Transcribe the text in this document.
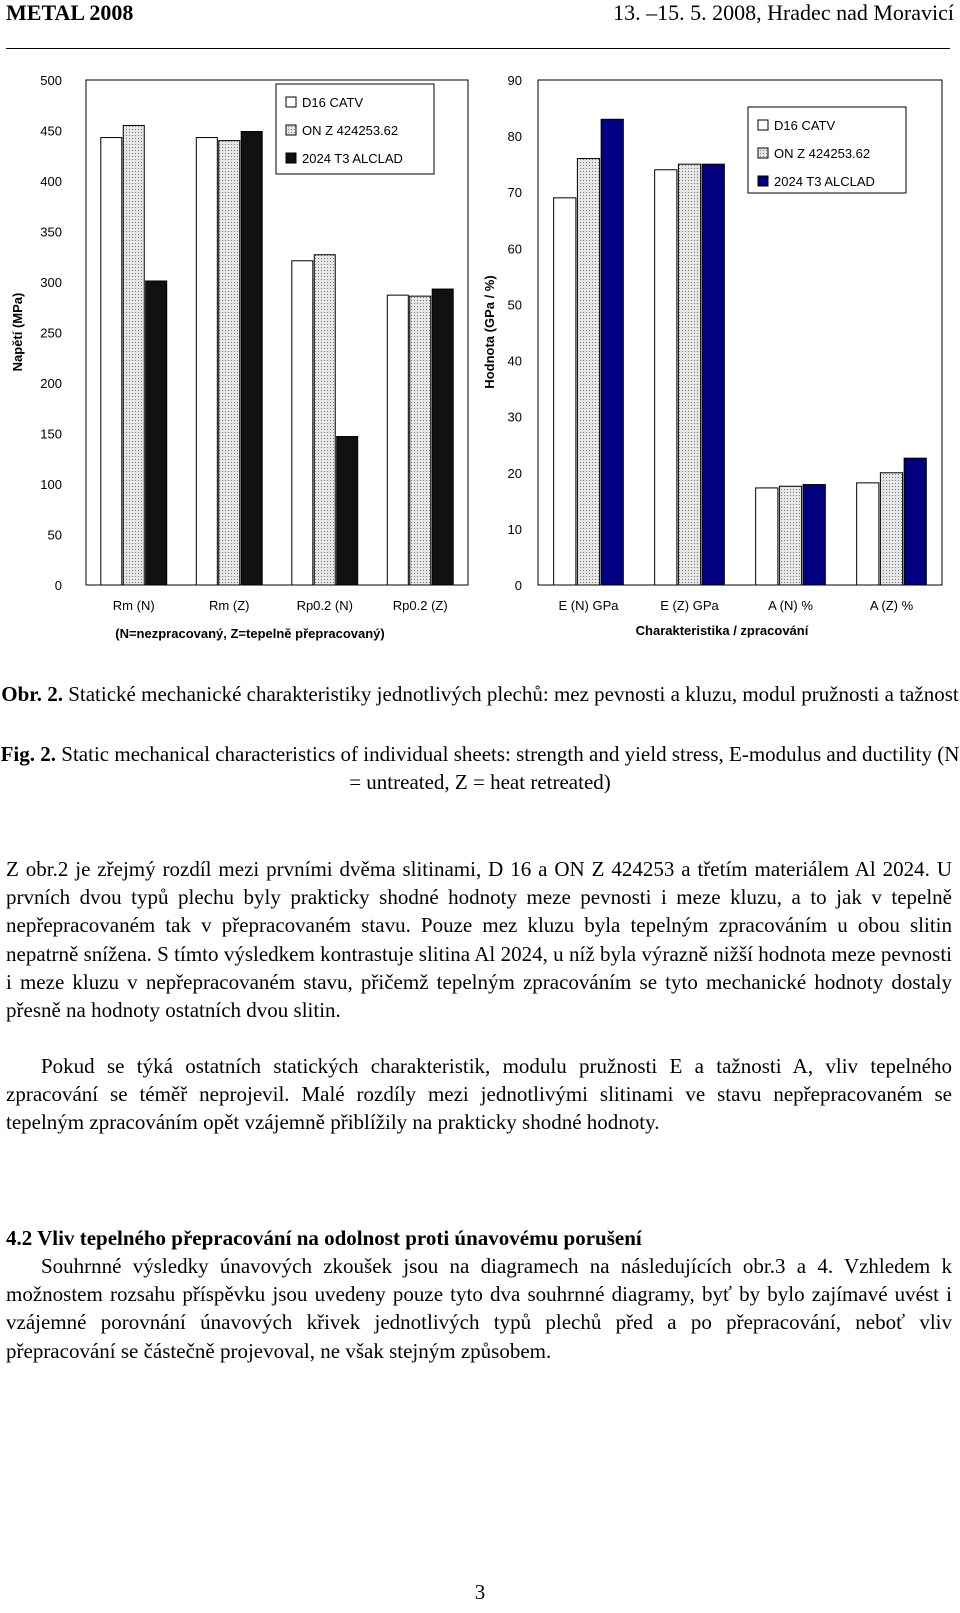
METAL 2008	13. –15. 5. 2008, Hradec nad Moravicí
0
50
100
150
200
250
300
350
400
450
500
Napětí (MPa)
Rm (N)	Rm (Z)	Rp0.2 (N)	Rp0.2 (Z)
(N=nezpracovaný, Z=tepelně přepracovaný)
D16 CATV
ON Z 424253.62
2024 T3 ALCLAD
0
10
20
30
40
50
60
70
80
90
Hodnota (GPa / %)
E (N) GPa	E (Z) GPa	A (N) %	A (Z) %
Charakteristika / zpracování
D16 CATV
ON Z 424253.62
2024 T3 ALCLAD
Obr. 2. Statické mechanické charakteristiky jednotlivých plechů: mez pevnosti a kluzu, modul pružnosti a tažnost
Fig. 2. Static mechanical characteristics of individual sheets: strength and yield stress, E-modulus and ductility (N = untreated, Z = heat retreated)
Z obr.2 je zřejmý rozdíl mezi prvními dvěma slitinami, D 16 a ON Z 424253 a třetím materiálem Al 2024. U prvních dvou typů plechu byly prakticky shodné hodnoty meze pevnosti i meze kluzu, a to jak v tepelně nepřepracovaném tak v přepracovaném stavu. Pouze mez kluzu byla tepelným zpracováním u obou slitin nepatrně snížena. S tímto výsledkem kontrastuje slitina Al 2024, u níž byla výrazně nižší hodnota meze pevnosti i meze kluzu v nepřepracovaném stavu, přičemž tepelným zpracováním se tyto mechanické hodnoty dostaly přesně na hodnoty ostatních dvou slitin.
Pokud se týká ostatních statických charakteristik, modulu pružnosti E a tažnosti A, vliv tepelného zpracování se téměř neprojevil. Malé rozdíly mezi jednotlivými slitinami ve stavu nepřepracovaném se tepelným zpracováním opět vzájemně přiblížily na prakticky shodné hodnoty.
4.2 Vliv tepelného přepracování na odolnost proti únavovému porušení
Souhrnné výsledky únavových zkoušek jsou na diagramech na následujících obr.3 a 4. Vzhledem k možnostem rozsahu příspěvku jsou uvedeny pouze tyto dva souhrnné diagramy, byť by bylo zajímavé uvést i vzájemné porovnání únavových křivek jednotlivých typů plechů před a po přepracování, neboť vliv přepracování se částečně projevoval, ne však stejným způsobem.
3
